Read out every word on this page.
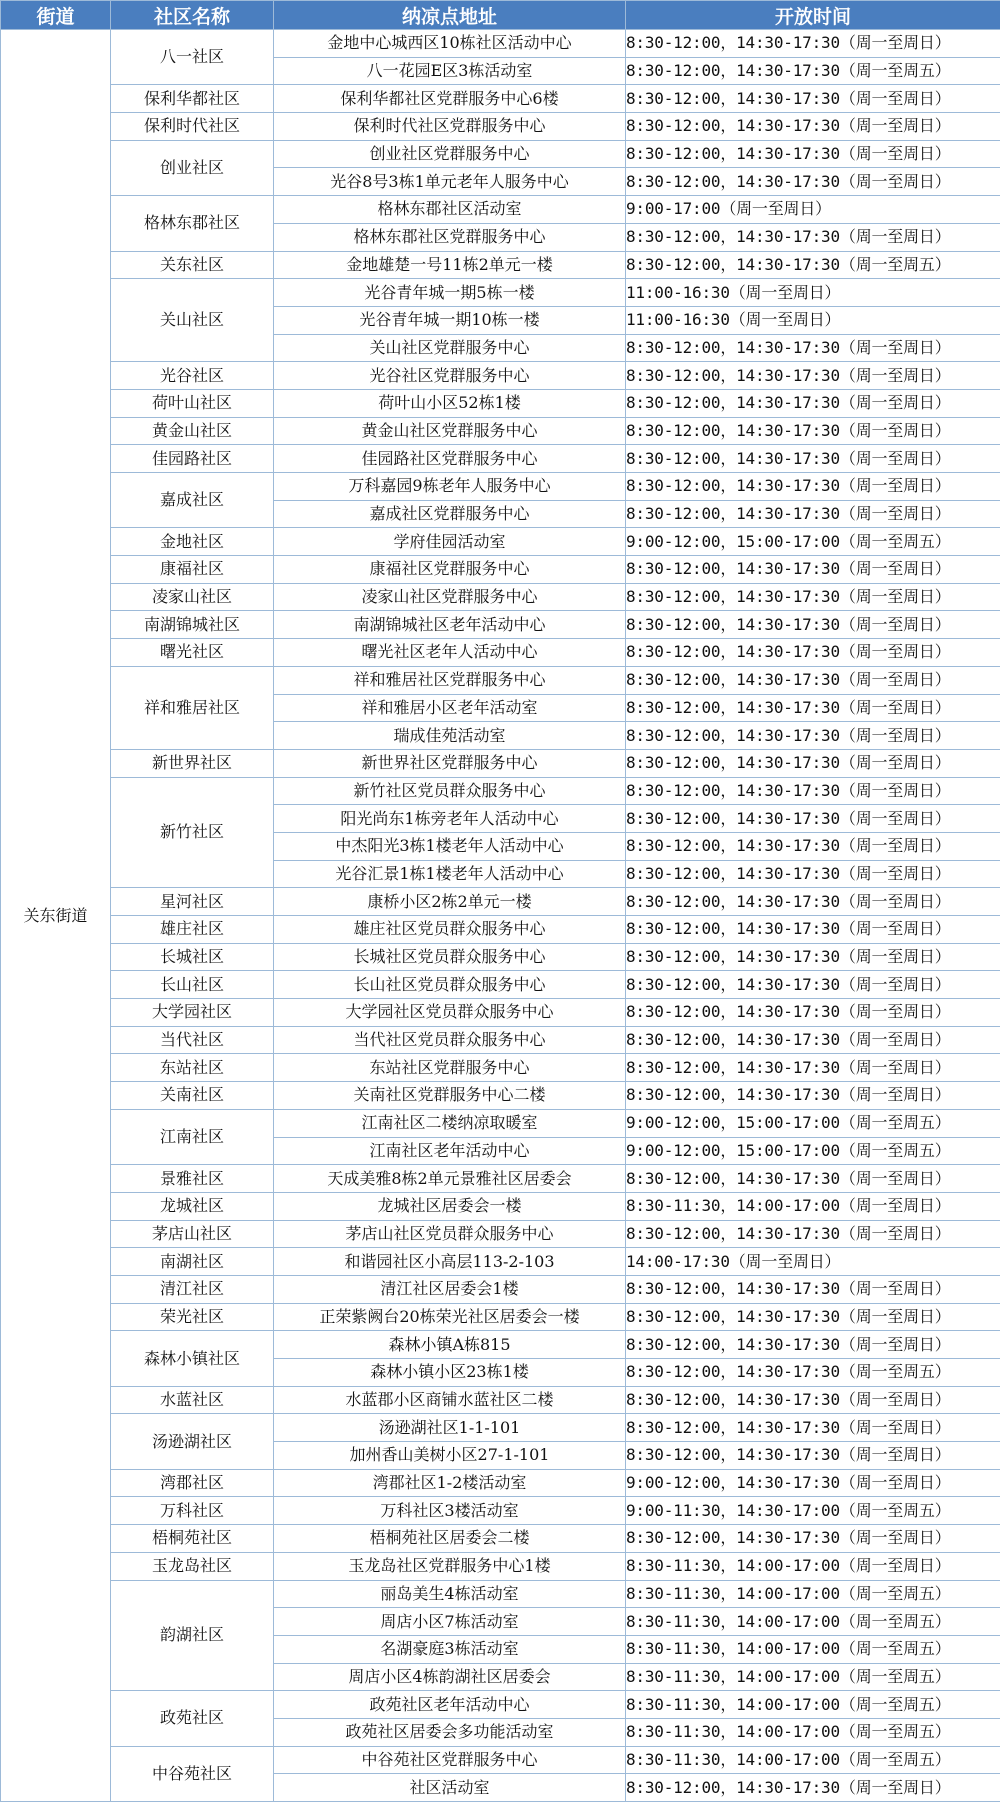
街道	社区名称	纳凉点地址	开放时间
关东街道	八一社区	金地中心城西区10栋社区活动中心	8:30-12:00，14:30-17:30（周一至周日）
		八一花园E区3栋活动室	8:30-12:00，14:30-17:30（周一至周五）
	保利华都社区	保利华都社区党群服务中心6楼	8:30-12:00，14:30-17:30（周一至周日）
	保利时代社区	保利时代社区党群服务中心	8:30-12:00，14:30-17:30（周一至周日）
	创业社区	创业社区党群服务中心	8:30-12:00，14:30-17:30（周一至周日）
		光谷8号3栋1单元老年人服务中心	8:30-12:00，14:30-17:30（周一至周日）
	格林东郡社区	格林东郡社区活动室	9:00-17:00（周一至周日）
		格林东郡社区党群服务中心	8:30-12:00，14:30-17:30（周一至周日）
	关东社区	金地雄楚一号11栋2单元一楼	8:30-12:00，14:30-17:30（周一至周五）
	关山社区	光谷青年城一期5栋一楼	11:00-16:30（周一至周日）
		光谷青年城一期10栋一楼	11:00-16:30（周一至周日）
		关山社区党群服务中心	8:30-12:00，14:30-17:30（周一至周日）
	光谷社区	光谷社区党群服务中心	8:30-12:00，14:30-17:30（周一至周日）
	荷叶山社区	荷叶山小区52栋1楼	8:30-12:00，14:30-17:30（周一至周日）
	黄金山社区	黄金山社区党群服务中心	8:30-12:00，14:30-17:30（周一至周日）
	佳园路社区	佳园路社区党群服务中心	8:30-12:00，14:30-17:30（周一至周日）
	嘉成社区	万科嘉园9栋老年人服务中心	8:30-12:00，14:30-17:30（周一至周日）
		嘉成社区党群服务中心	8:30-12:00，14:30-17:30（周一至周日）
	金地社区	学府佳园活动室	9:00-12:00，15:00-17:00（周一至周五）
	康福社区	康福社区党群服务中心	8:30-12:00，14:30-17:30（周一至周日）
	凌家山社区	凌家山社区党群服务中心	8:30-12:00，14:30-17:30（周一至周日）
	南湖锦城社区	南湖锦城社区老年活动中心	8:30-12:00，14:30-17:30（周一至周日）
	曙光社区	曙光社区老年人活动中心	8:30-12:00，14:30-17:30（周一至周日）
	祥和雅居社区	祥和雅居社区党群服务中心	8:30-12:00，14:30-17:30（周一至周日）
		祥和雅居小区老年活动室	8:30-12:00，14:30-17:30（周一至周日）
		瑞成佳苑活动室	8:30-12:00，14:30-17:30（周一至周日）
	新世界社区	新世界社区党群服务中心	8:30-12:00，14:30-17:30（周一至周日）
	新竹社区	新竹社区党员群众服务中心	8:30-12:00，14:30-17:30（周一至周日）
		阳光尚东1栋旁老年人活动中心	8:30-12:00，14:30-17:30（周一至周日）
		中杰阳光3栋1楼老年人活动中心	8:30-12:00，14:30-17:30（周一至周日）
		光谷汇景1栋1楼老年人活动中心	8:30-12:00，14:30-17:30（周一至周日）
	星河社区	康桥小区2栋2单元一楼	8:30-12:00，14:30-17:30（周一至周日）
	雄庄社区	雄庄社区党员群众服务中心	8:30-12:00，14:30-17:30（周一至周日）
	长城社区	长城社区党员群众服务中心	8:30-12:00，14:30-17:30（周一至周日）
	长山社区	长山社区党员群众服务中心	8:30-12:00，14:30-17:30（周一至周日）
	大学园社区	大学园社区党员群众服务中心	8:30-12:00，14:30-17:30（周一至周日）
	当代社区	当代社区党员群众服务中心	8:30-12:00，14:30-17:30（周一至周日）
	东站社区	东站社区党群服务中心	8:30-12:00，14:30-17:30（周一至周日）
	关南社区	关南社区党群服务中心二楼	8:30-12:00，14:30-17:30（周一至周日）
	江南社区	江南社区二楼纳凉取暖室	9:00-12:00，15:00-17:00（周一至周五）
		江南社区老年活动中心	9:00-12:00，15:00-17:00（周一至周五）
	景雅社区	天成美雅8栋2单元景雅社区居委会	8:30-12:00，14:30-17:30（周一至周日）
	龙城社区	龙城社区居委会一楼	8:30-11:30，14:00-17:00（周一至周日）
	茅店山社区	茅店山社区党员群众服务中心	8:30-12:00，14:30-17:30（周一至周日）
	南湖社区	和谐园社区小高层113-2-103	14:00-17:30（周一至周日）
	清江社区	清江社区居委会1楼	8:30-12:00，14:30-17:30（周一至周日）
	荣光社区	正荣紫阙台20栋荣光社区居委会一楼	8:30-12:00，14:30-17:30（周一至周日）
	森林小镇社区	森林小镇A栋815	8:30-12:00，14:30-17:30（周一至周日）
		森林小镇小区23栋1楼	8:30-12:00，14:30-17:30（周一至周五）
	水蓝社区	水蓝郡小区商铺水蓝社区二楼	8:30-12:00，14:30-17:30（周一至周日）
	汤逊湖社区	汤逊湖社区1-1-101	8:30-12:00，14:30-17:30（周一至周日）
		加州香山美树小区27-1-101	8:30-12:00，14:30-17:30（周一至周日）
	湾郡社区	湾郡社区1-2楼活动室	9:00-12:00，14:30-17:30（周一至周日）
	万科社区	万科社区3楼活动室	9:00-11:30，14:30-17:00（周一至周五）
	梧桐苑社区	梧桐苑社区居委会二楼	8:30-12:00，14:30-17:30（周一至周日）
	玉龙岛社区	玉龙岛社区党群服务中心1楼	8:30-11:30，14:00-17:00（周一至周日）
	韵湖社区	丽岛美生4栋活动室	8:30-11:30，14:00-17:00（周一至周五）
		周店小区7栋活动室	8:30-11:30，14:00-17:00（周一至周五）
		名湖豪庭3栋活动室	8:30-11:30，14:00-17:00（周一至周五）
		周店小区4栋韵湖社区居委会	8:30-11:30，14:00-17:00（周一至周五）
	政苑社区	政苑社区老年活动中心	8:30-11:30，14:00-17:00（周一至周五）
		政苑社区居委会多功能活动室	8:30-11:30，14:00-17:00（周一至周五）
	中谷苑社区	中谷苑社区党群服务中心	8:30-11:30，14:00-17:00（周一至周五）
		社区活动室	8:30-12:00，14:30-17:30（周一至周日）
